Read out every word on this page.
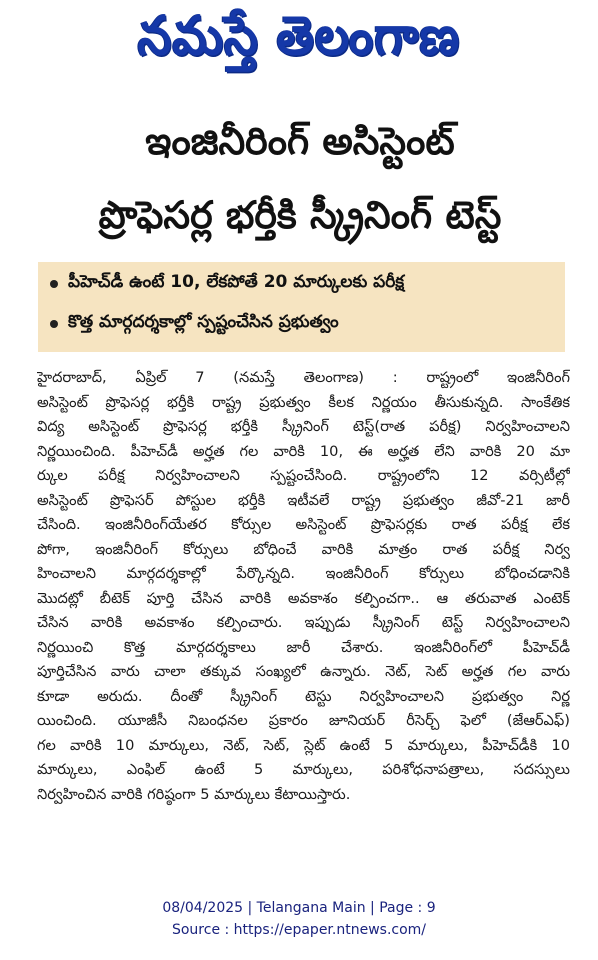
నమస్తే తెలంగాణ
ఇంజినీరింగ్ అసిస్టెంట్
ప్రొఫెసర్ల భర్తీకి స్క్రీనింగ్ టెస్ట్
పీహెచ్‌డీ ఉంటే 10, లేకపోతే 20 మార్కులకు పరీక్ష
కొత్త మార్గదర్శకాల్లో స్పష్టంచేసిన ప్రభుత్వం
హైదరాబాద్, ఏప్రిల్ 7 (నమస్తే తెలంగాణ) : రాష్ట్రంలో ఇంజినీరింగ్
అసిస్టెంట్ ప్రొఫెసర్ల భర్తీకి రాష్ట్ర ప్రభుత్వం కీలక నిర్ణయం తీసుకున్నది. సాంకేతిక
విద్య అసిస్టెంట్ ప్రొఫెసర్ల భర్తీకి స్క్రీనింగ్ టెస్ట్(రాత పరీక్ష) నిర్వహించాలని
నిర్ణయించింది. పీహెచ్‌డీ అర్హత గల వారికి 10, ఈ అర్హత లేని వారికి 20 మా
ర్కుల పరీక్ష నిర్వహించాలని స్పష్టంచేసింది. రాష్ట్రంలోని 12 వర్సిటీల్లో
అసిస్టెంట్ ప్రొఫెసర్ పోస్టుల భర్తీకి ఇటీవలే రాష్ట్ర ప్రభుత్వం జీవో-21 జారీ
చేసింది. ఇంజినీరింగ్‌యేతర కోర్సుల అసిస్టెంట్ ప్రొఫెసర్లకు రాత పరీక్ష లేక
పోగా, ఇంజినీరింగ్ కోర్సులు బోధించే వారికి మాత్రం రాత పరీక్ష నిర్వ
హించాలని మార్గదర్శకాల్లో పేర్కొన్నది. ఇంజినీరింగ్ కోర్సులు బోధించడానికి
మొదట్లో బీటెక్ పూర్తి చేసిన వారికి అవకాశం కల్పించగా.. ఆ తరువాత ఎంటెక్
చేసిన వారికి అవకాశం కల్పించారు. ఇప్పుడు స్క్రీనింగ్ టెస్ట్ నిర్వహించాలని
నిర్ణయించి కొత్త మార్గదర్శకాలు జారీ చేశారు. ఇంజినీరింగ్‌లో పీహెచ్‌డీ
పూర్తిచేసిన వారు చాలా తక్కువ సంఖ్యలో ఉన్నారు. నెట్, సెట్ అర్హత గల వారు
కూడా అరుదు. దీంతో స్క్రీనింగ్ టెస్టు నిర్వహించాలని ప్రభుత్వం నిర్ణ
యించింది. యూజీసీ నిబంధనల ప్రకారం జూనియర్ రీసెర్చ్ ఫెలో (జేఆర్ఎఫ్)
గల వారికి 10 మార్కులు, నెట్, సెట్, స్లెట్ ఉంటే 5 మార్కులు, పీహెచ్‌డీకి 10
మార్కులు, ఎంఫిల్ ఉంటే 5 మార్కులు, పరిశోధనాపత్రాలు, సదస్సులు
నిర్వహించిన వారికి గరిష్ఠంగా 5 మార్కులు కేటాయిస్తారు.
08/04/2025 | Telangana Main | Page : 9
Source : https://epaper.ntnews.com/
